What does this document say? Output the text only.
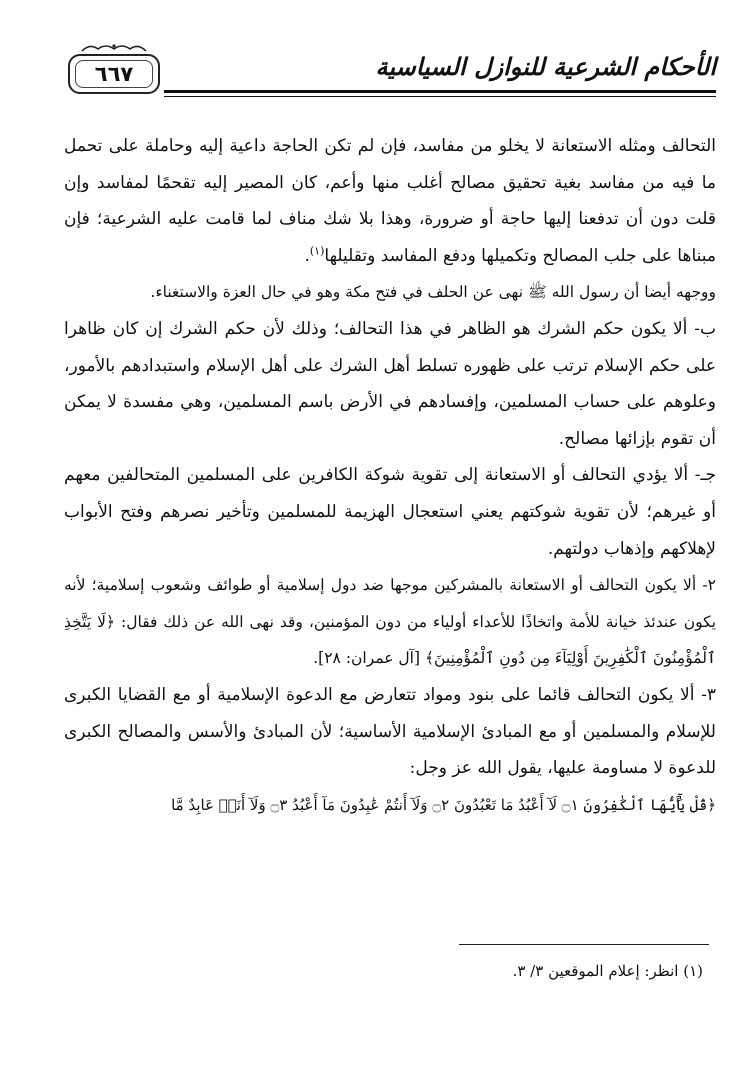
٦٦٧	الأحكام الشرعية للنوازل السياسية

التحالف ومثله الاستعانة لا يخلو من مفاسد، فإن لم تكن الحاجة داعية إليه وحاملة على تحمل ما فيه من مفاسد بغية تحقيق مصالح أغلب منها وأعم، كان المصير إليه تقحمًا لمفاسد وإن قلت دون أن تدفعنا إليها حاجة أو ضرورة، وهذا بلا شك مناف لما قامت عليه الشرعية؛ فإن مبناها على جلب المصالح وتكميلها ودفع المفاسد وتقليلها$^{(١)}$.

ووجهه أيضا أن رسول الله ﷺ نهى عن الحلف في فتح مكة وهو في حال العزة والاستغناء.

ب- ألا يكون حكم الشرك هو الظاهر في هذا التحالف؛ وذلك لأن حكم الشرك إن كان ظاهرا على حكم الإسلام ترتب على ظهوره تسلط أهل الشرك على أهل الإسلام واستبدادهم بالأمور، وعلوهم على حساب المسلمين، وإفسادهم في الأرض باسم المسلمين، وهي مفسدة لا يمكن أن تقوم بإزائها مصالح.

جـ- ألا يؤدي التحالف أو الاستعانة إلى تقوية شوكة الكافرين على المسلمين المتحالفين معهم أو غيرهم؛ لأن تقوية شوكتهم يعني استعجال الهزيمة للمسلمين وتأخير نصرهم وفتح الأبواب لإهلاكهم وإذهاب دولتهم.

٢- ألا يكون التحالف أو الاستعانة بالمشركين موجها ضد دول إسلامية أو طوائف وشعوب إسلامية؛ لأنه يكون عندئذ خيانة للأمة واتخاذًا للأعداء أولياء من دون المؤمنين، وقد نهى الله عن ذلك فقال: ﴿لَا يَتَّخِذِ ٱلْمُؤْمِنُونَ ٱلْكَٰفِرِينَ أَوْلِيَآءَ مِن دُونِ ٱلْمُؤْمِنِينَ﴾ [آل عمران: ٢٨].

٣- ألا يكون التحالف قائما على بنود ومواد تتعارض مع الدعوة الإسلامية أو مع القضايا الكبرى للإسلام والمسلمين أو مع المبادئ الإسلامية الأساسية؛ لأن المبادئ والأسس والمصالح الكبرى للدعوة لا مساومة عليها، يقول الله عز وجل:

﴿قُلْ يَٰٓأَيُّهَا ٱلْكَٰفِرُونَ ۝١ لَآ أَعْبُدُ مَا تَعْبُدُونَ ۝٢ وَلَآ أَنتُمْ عَٰبِدُونَ مَآ أَعْبُدُ ۝٣ وَلَآ أَنَا۠ عَابِدٌ مَّا

(١) انظر: إعلام الموقعين ٣/ ٣.
